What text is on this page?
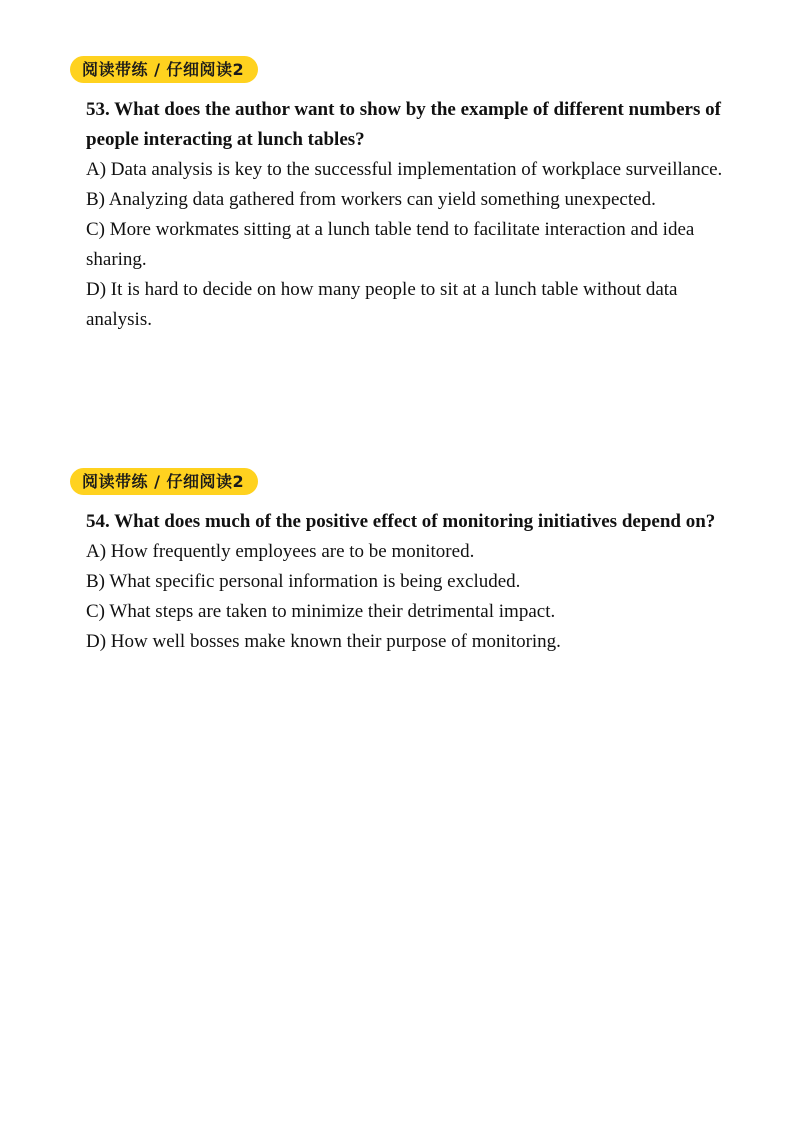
阅读带练 / 仔细阅读2
53. What does the author want to show by the example of different numbers of people interacting at lunch tables?
A) Data analysis is key to the successful implementation of workplace surveillance.
B) Analyzing data gathered from workers can yield something unexpected.
C) More workmates sitting at a lunch table tend to facilitate interaction and idea sharing.
D) It is hard to decide on how many people to sit at a lunch table without data analysis.
阅读带练 / 仔细阅读2
54. What does much of the positive effect of monitoring initiatives depend on?
A) How frequently employees are to be monitored.
B) What specific personal information is being excluded.
C) What steps are taken to minimize their detrimental impact.
D) How well bosses make known their purpose of monitoring.
